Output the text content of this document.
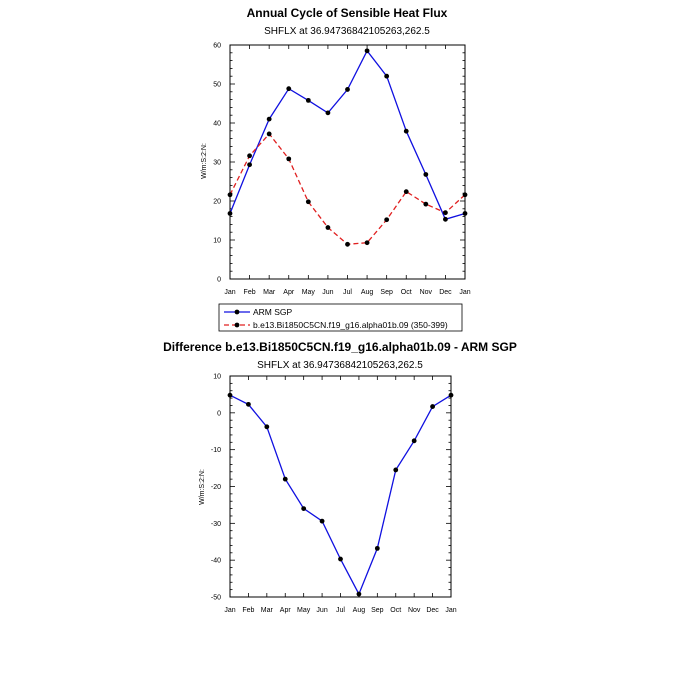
Annual Cycle of Sensible Heat Flux
SHFLX at 36.94736842105263,262.5
W/m:S:2:N:
Jan Feb Mar Apr May Jun Jul Aug Sep Oct Nov Dec Jan
0
10
20
30
40
50
60
ARM SGP
b.e13.Bi1850C5CN.f19_g16.alpha01b.09 (350-399)
Difference b.e13.Bi1850C5CN.f19_g16.alpha01b.09 - ARM SGP
SHFLX at 36.94736842105263,262.5
W/m:S:2:N:
Jan Feb Mar Apr May Jun Jul Aug Sep Oct Nov Dec Jan
-50
-40
-30
-20
-10
0
10
